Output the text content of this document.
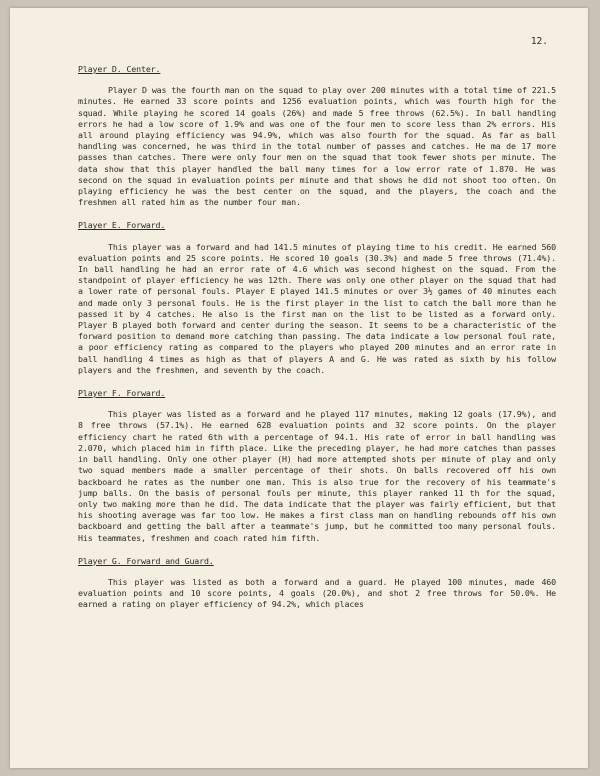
12.
Player D. Center.

Player D was the fourth man on the squad to play over 200 minutes with a total time of 221.5 minutes. He earned 33 score points and 1256 evaluation points, which was fourth high for the squad. While playing he scored 14 goals (26%) and made 5 free throws (62.5%). In ball handling errors he had a low score of 1.9% and was one of the four men to score less than 2% errors. His all around playing efficiency was 94.9%, which was also fourth for the squad. As far as ball handling was concerned, he was third in the total number of passes and catches. He ma de 17 more passes than catches. There were only four men on the squad that took fewer shots per minute. The data show that this player handled the ball many times for a low error rate of 1.870. He was second on the squad in evaluation points per minute and that shows he did not shoot too often. On playing efficiency he was the best center on the squad, and the players, the coach and the freshmen all rated him as the number four man.

Player E. Forward.

This player was a forward and had 141.5 minutes of playing time to his credit. He earned 560 evaluation points and 25 score points. He scored 10 goals (30.3%) and made 5 free throws (71.4%). In ball handling he had an error rate of 4.6 which was second highest on the squad. From the standpoint of player efficiency he was 12th. There was only one other player on the squad that had a lower rate of personal fouls. Player E played 141.5 minutes or over 3½ games of 40 minutes each and made only 3 personal fouls. He is the first player in the list to catch the ball more than he passed it by 4 catches. He also is the first man on the list to be listed as a forward only. Player B played both forward and center during the season. It seems to be a characteristic of the forward position to demand more catching than passing. The data indicate a low personal foul rate, a poor efficiency rating as compared to the players who played 200 minutes and an error rate in ball handling 4 times as high as that of players A and G. He was rated as sixth by his follow players and the freshmen, and seventh by the coach.

Player F. Forward.

This player was listed as a forward and he played 117 minutes, making 12 goals (17.9%), and 8 free throws (57.1%). He earned 628 evaluation points and 32 score points. On the player efficiency chart he rated 6th with a percentage of 94.1. His rate of error in ball handling was 2.070, which placed him in fifth place. Like the preceding player, he had more catches than passes in ball handling. Only one other player (H) had more attempted shots per minute of play and only two squad members made a smaller percentage of their shots. On balls recovered off his own backboard he rates as the number one man. This is also true for the recovery of his teammate's jump balls. On the basis of personal fouls per minute, this player ranked 11 th for the squad, only two making more than he did. The data indicate that the player was fairly efficient, but that his shooting average was far too low. He makes a first class man on handling rebounds off his own backboard and getting the ball after a teammate's jump, but he committed too many personal fouls. His teammates, freshmen and coach rated him fifth.

Player G. Forward and Guard.

This player was listed as both a forward and a guard. He played 100 minutes, made 460 evaluation points and 10 score points, 4 goals (20.0%), and shot 2 free throws for 50.0%. He earned a rating on player efficiency of 94.2%, which places
